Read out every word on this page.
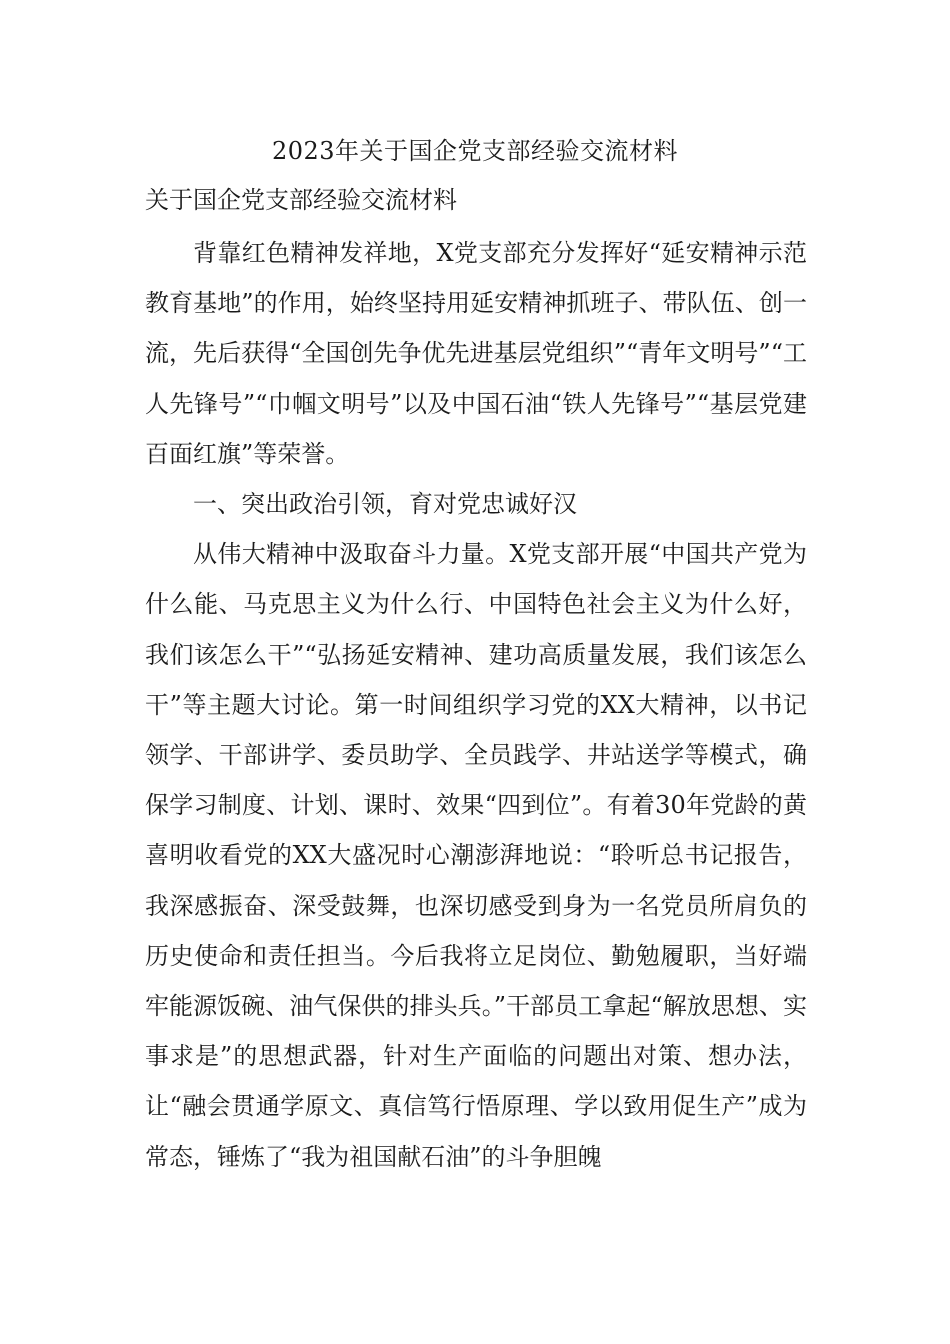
2023年关于国企党支部经验交流材料
关于国企党支部经验交流材料

背靠红色精神发祥地，X党支部充分发挥好“延安精神示范教育基地”的作用，始终坚持用延安精神抓班子、带队伍、创一流，先后获得“全国创先争优先进基层党组织”“青年文明号”“工人先锋号”“巾帼文明号”以及中国石油“铁人先锋号”“基层党建百面红旗”等荣誉。

一、突出政治引领，育对党忠诚好汉

从伟大精神中汲取奋斗力量。X党支部开展“中国共产党为什么能、马克思主义为什么行、中国特色社会主义为什么好，我们该怎么干”“弘扬延安精神、建功高质量发展，我们该怎么干”等主题大讨论。第一时间组织学习党的XX大精神，以书记领学、干部讲学、委员助学、全员践学、井站送学等模式，确保学习制度、计划、课时、效果“四到位”。有着30年党龄的黄喜明收看党的XX大盛况时心潮澎湃地说：“聆听总书记报告，我深感振奋、深受鼓舞，也深切感受到身为一名党员所肩负的历史使命和责任担当。今后我将立足岗位、勤勉履职，当好端牢能源饭碗、油气保供的排头兵。”干部员工拿起“解放思想、实事求是”的思想武器，针对生产面临的问题出对策、想办法，让“融会贯通学原文、真信笃行悟原理、学以致用促生产”成为常态，锤炼了“我为祖国献石油”的斗争胆魄
